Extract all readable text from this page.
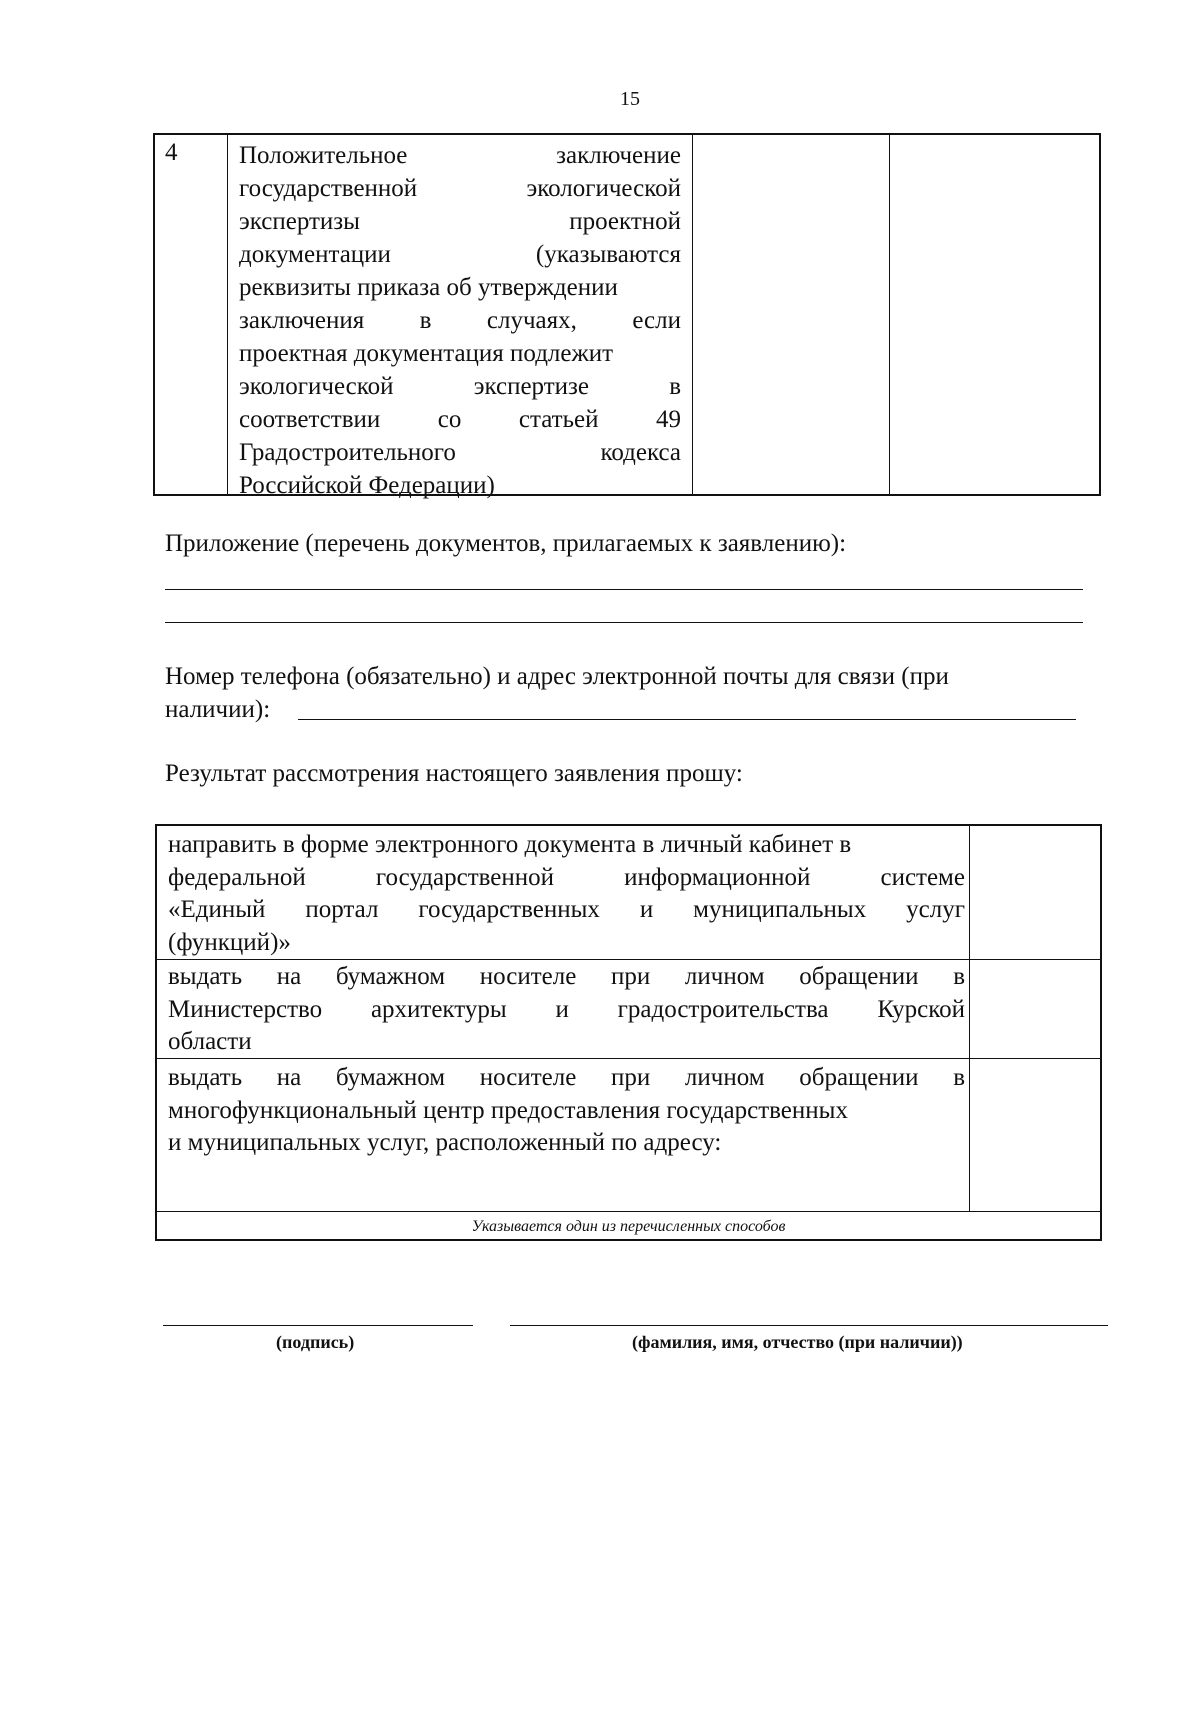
15
4 Положительное	заключение
государственной	экологической
экспертизы	проектной
документации	(указываются
реквизиты приказа об утверждении
заключения в случаях, если
проектная документация подлежит
экологической	экспертизе	в
соответствии со статьей 49
Градостроительного	кодекса
Российской Федерации)
Приложение (перечень документов, прилагаемых к заявлению):
Номер телефона (обязательно) и адрес электронной почты для связи (при
наличии):
Результат рассмотрения настоящего заявления прошу:
направить в форме электронного документа в личный кабинет в
федеральной	государственной	информационной	системе
«Единый портал государственных и муниципальных услуг
(функций)»
выдать на бумажном носителе при личном обращении в
Министерство архитектуры и градостроительства Курской
области
выдать на бумажном носителе при личном обращении в
многофункциональный центр предоставления государственных
и муниципальных услуг, расположенный по адресу:
Указывается один из перечисленных способов
(подпись)	(фамилия, имя, отчество (при наличии))
